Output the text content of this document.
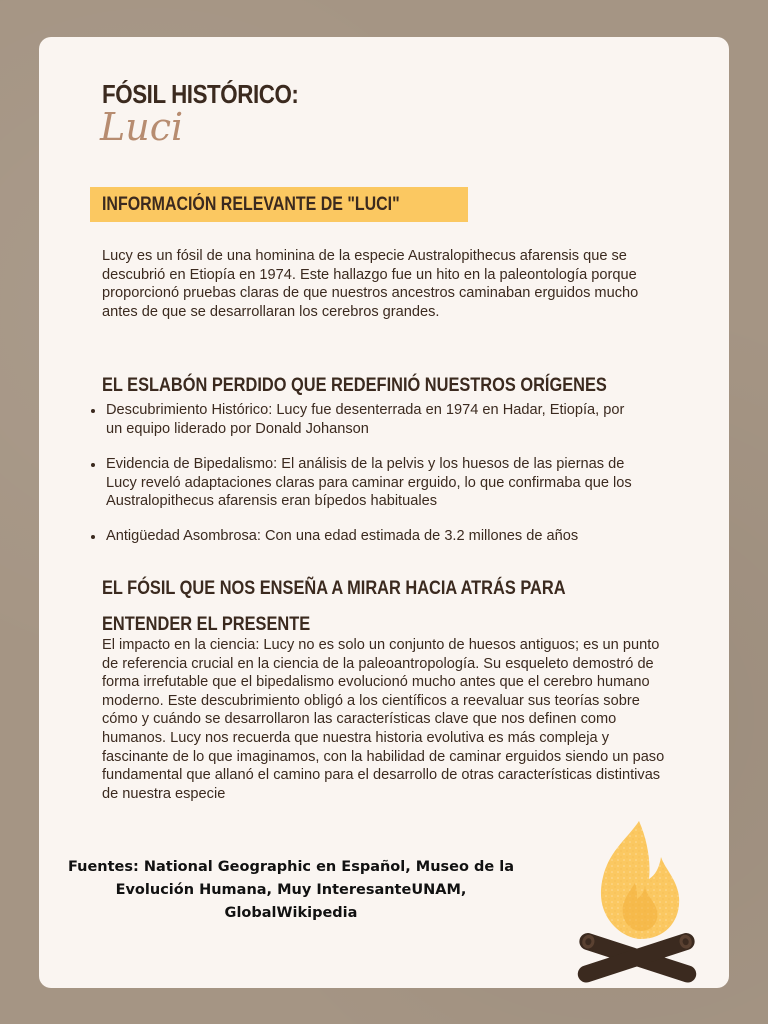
FÓSIL HISTÓRICO:
Luci
INFORMACIÓN RELEVANTE DE "LUCI"

Lucy es un fósil de una hominina de la especie Australopithecus afarensis que se descubrió en Etiopía en 1974. Este hallazgo fue un hito en la paleontología porque proporcionó pruebas claras de que nuestros ancestros caminaban erguidos mucho antes de que se desarrollaran los cerebros grandes.

EL ESLABÓN PERDIDO QUE REDEFINIÓ NUESTROS ORÍGENES
Descubrimiento Histórico: Lucy fue desenterrada en 1974 en Hadar, Etiopía, por un equipo liderado por Donald Johanson
Evidencia de Bipedalismo: El análisis de la pelvis y los huesos de las piernas de Lucy reveló adaptaciones claras para caminar erguido, lo que confirmaba que los Australopithecus afarensis eran bípedos habituales
Antigüedad Asombrosa: Con una edad estimada de 3.2 millones de años
EL FÓSIL QUE NOS ENSEÑA A MIRAR HACIA ATRÁS PARA
ENTENDER EL PRESENTE

El impacto en la ciencia: Lucy no es solo un conjunto de huesos antiguos; es un punto de referencia crucial en la ciencia de la paleoantropología. Su esqueleto demostró de forma irrefutable que el bipedalismo evolucionó mucho antes que el cerebro humano moderno. Este descubrimiento obligó a los científicos a reevaluar sus teorías sobre cómo y cuándo se desarrollaron las características clave que nos definen como humanos. Lucy nos recuerda que nuestra historia evolutiva es más compleja y fascinante de lo que imaginamos, con la habilidad de caminar erguidos siendo un paso fundamental que allanó el camino para el desarrollo de otras características distintivas de nuestra especie

Fuentes: National Geographic en Español, Museo de la Evolución Humana, Muy InteresanteUNAM, GlobalWikipedia
